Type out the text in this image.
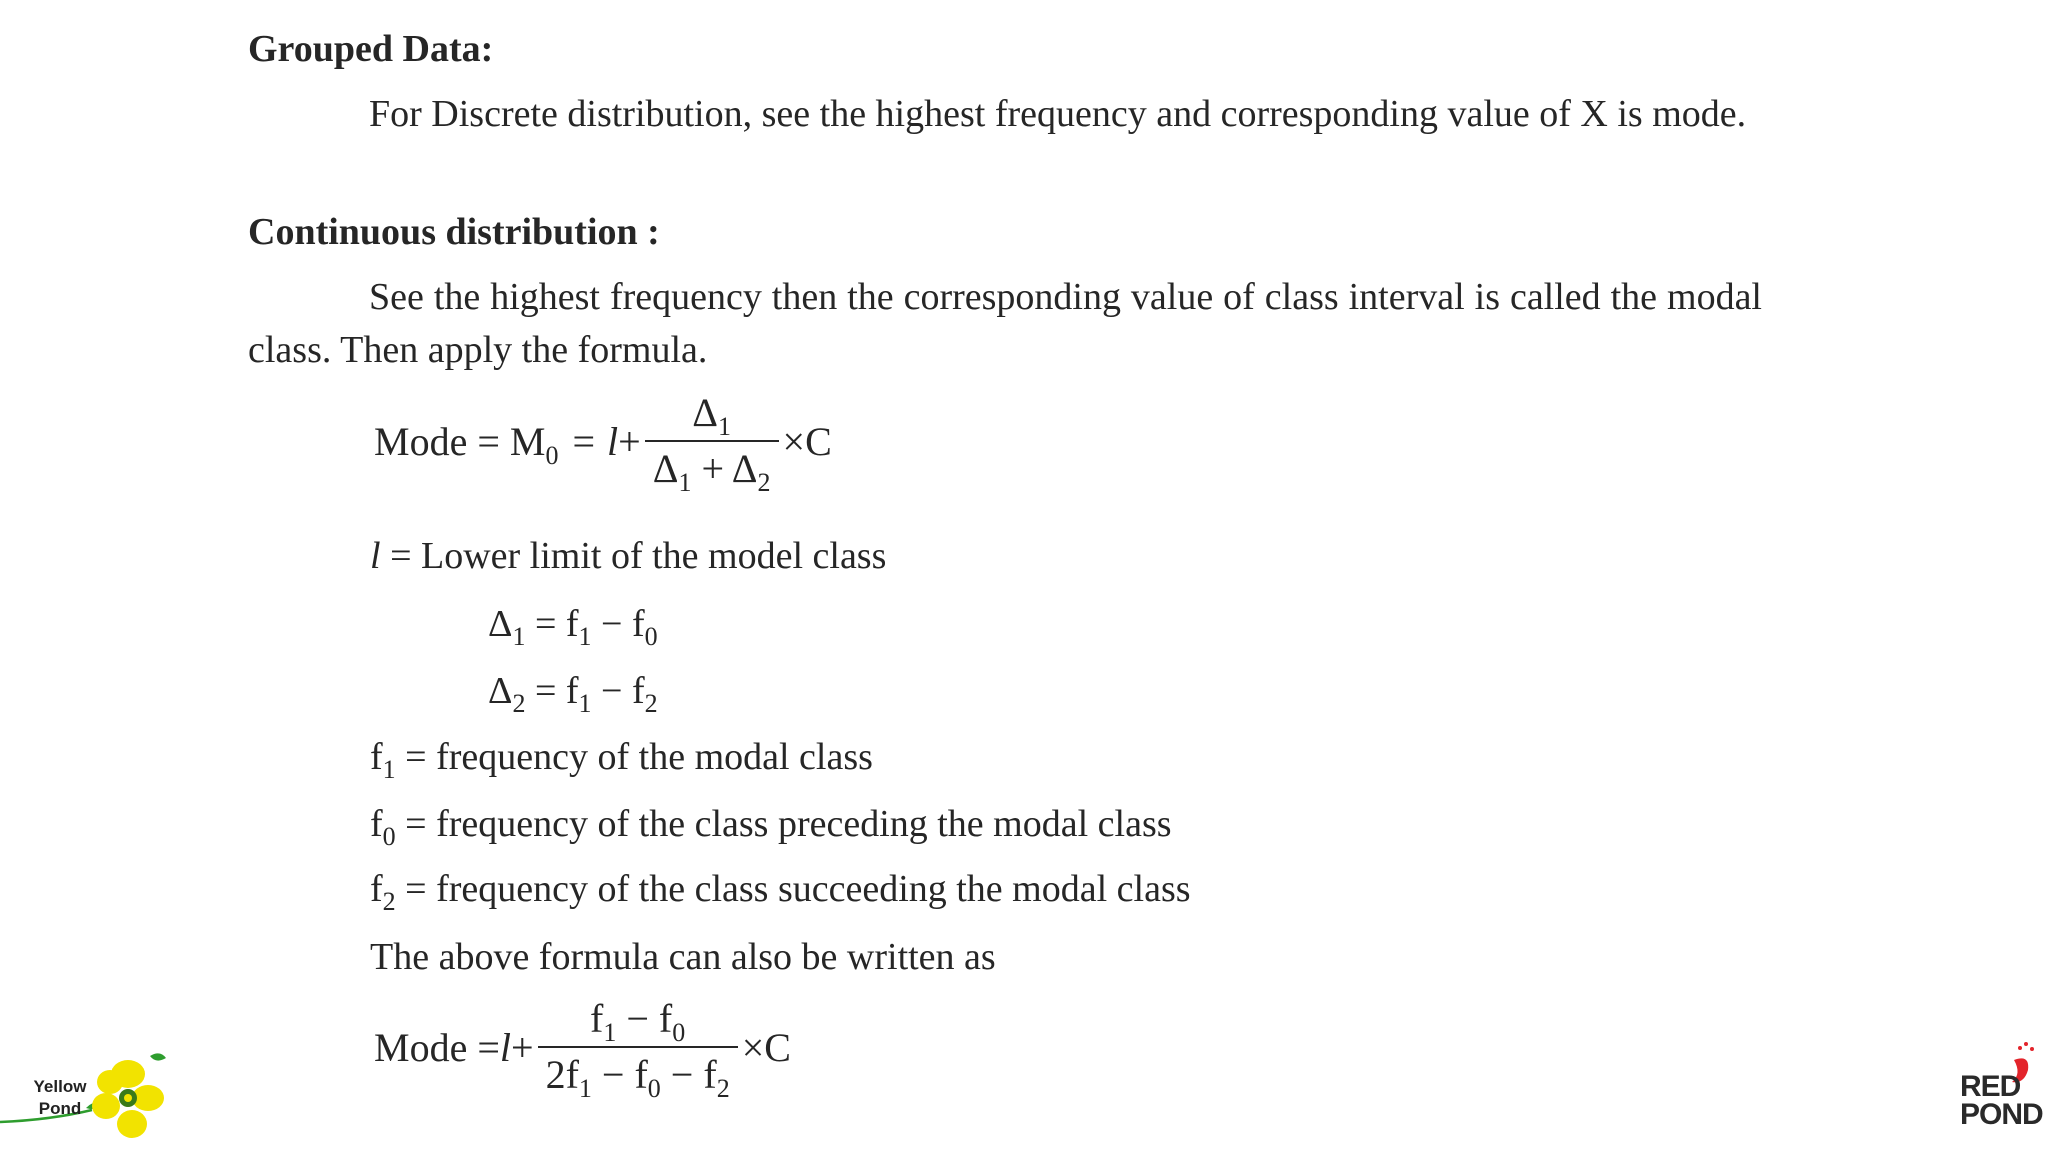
Grouped Data:
For Discrete distribution, see the highest frequency and corresponding value of X is mode.
Continuous distribution :
See the highest frequency then the corresponding value of class interval is called the modal class. Then apply the formula.
Mode = $M_0 = l + \frac{\Delta_1}{\Delta_1 + \Delta_2} \times C$
l = Lower limit of the model class
$\Delta_1 = f_1 - f_0$
$\Delta_2 = f_1 - f_2$
$f_1$ = frequency of the modal class
$f_0$ = frequency of the class preceding the modal class
$f_2$ = frequency of the class succeeding the modal class
The above formula can also be written as
Mode = $l + \frac{f_1 - f_0}{2f_1 - f_0 - f_2} \times C$
Yellow
Pond
RED
POND
